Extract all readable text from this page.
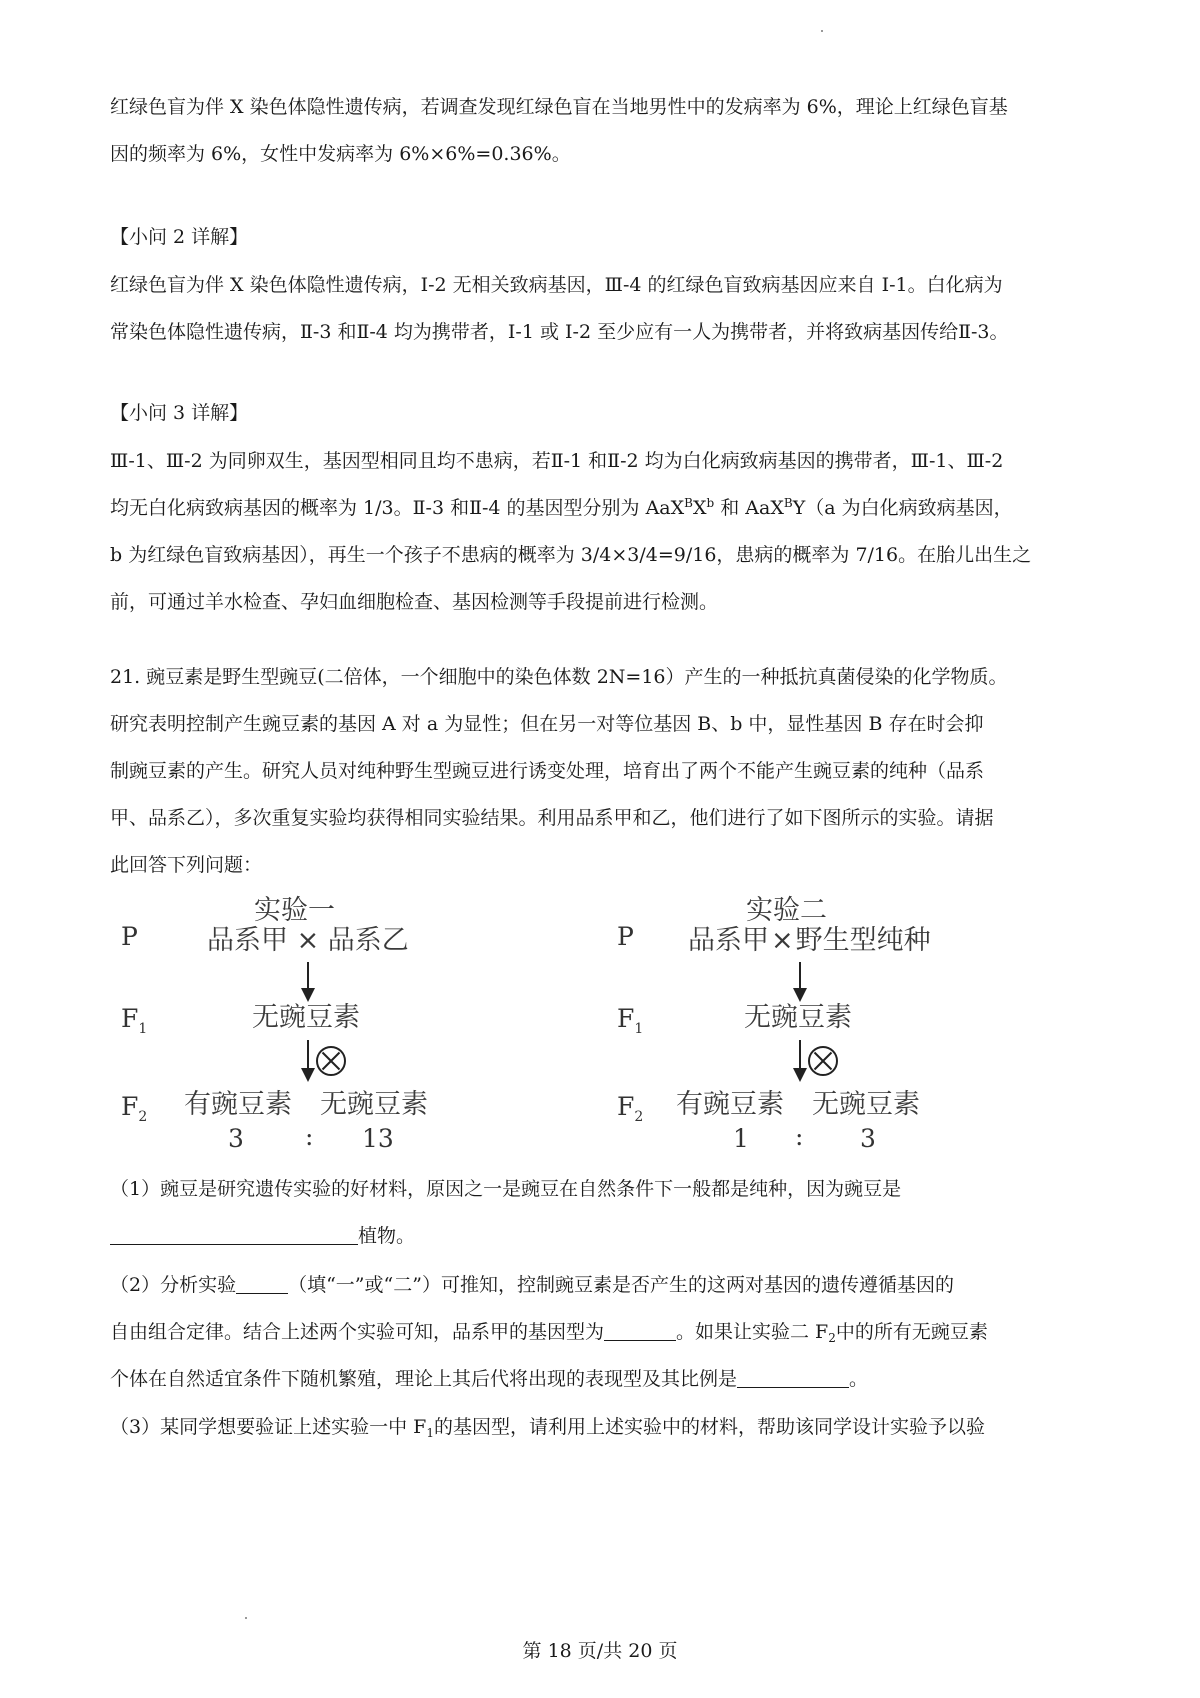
红绿色盲为伴 X 染色体隐性遗传病，若调查发现红绿色盲在当地男性中的发病率为 6%，理论上红绿色盲基

因的频率为 6%，女性中发病率为 6%×6%=0.36%。

【小问 2 详解】

红绿色盲为伴 X 染色体隐性遗传病，I-2 无相关致病基因，Ⅲ-4 的红绿色盲致病基因应来自 I-1。白化病为

常染色体隐性遗传病，Ⅱ-3 和Ⅱ-4 均为携带者，I-1 或 I-2 至少应有一人为携带者，并将致病基因传给Ⅱ-3。

【小问 3 详解】

Ⅲ-1、Ⅲ-2 为同卵双生，基因型相同且均不患病，若Ⅱ-1 和Ⅱ-2 均为白化病致病基因的携带者，Ⅲ-1、Ⅲ-2

均无白化病致病基因的概率为 1/3。Ⅱ-3 和Ⅱ-4 的基因型分别为 $AaX^BX^b$ 和 AaX$^B$Y（a 为白化病致病基因，

b 为红绿色盲致病基因），再生一个孩子不患病的概率为 3/4×3/4=9/16，患病的概率为 7/16。在胎儿出生之

前，可通过羊水检查、孕妇血细胞检查、基因检测等手段提前进行检测。

21. 豌豆素是野生型豌豆(二倍体，一个细胞中的染色体数 2N=16）产生的一种抵抗真菌侵染的化学物质。

研究表明控制产生豌豆素的基因 A 对 a 为显性；但在另一对等位基因 B、b 中，显性基因 B 存在时会抑

制豌豆素的产生。研究人员对纯种野生型豌豆进行诱变处理，培育出了两个不能产生豌豆素的纯种（品系

甲、品系乙），多次重复实验均获得相同实验结果。利用品系甲和乙，他们进行了如下图所示的实验。请据

此回答下列问题：

实验一
P	品系甲 × 品系乙
$F_1$	无豌豆素
$F_2$ 有豌豆素 无豌豆素
3 : 13
实验二
P 品系甲×野生型纯种
$F_1$	无豌豆素
$F_2$ 有豌豆素 无豌豆素
1 : 3

（1）豌豆是研究遗传实验的好材料，原因之一是豌豆在自然条件下一般都是纯种，因为豌豆是

植物。

（2）分析实验	（填“一”或“二”）可推知，控制豌豆素是否产生的这两对基因的遗传遵循基因的

自由组合定律。结合上述两个实验可知，品系甲的基因型为	。如果让实验二 $F_2$中的所有无豌豆素

个体在自然适宜条件下随机繁殖，理论上其后代将出现的表现型及其比例是	。

（3）某同学想要验证上述实验一中 $F_1$的基因型，请利用上述实验中的材料，帮助该同学设计实验予以验

第 18 页/共 20 页
